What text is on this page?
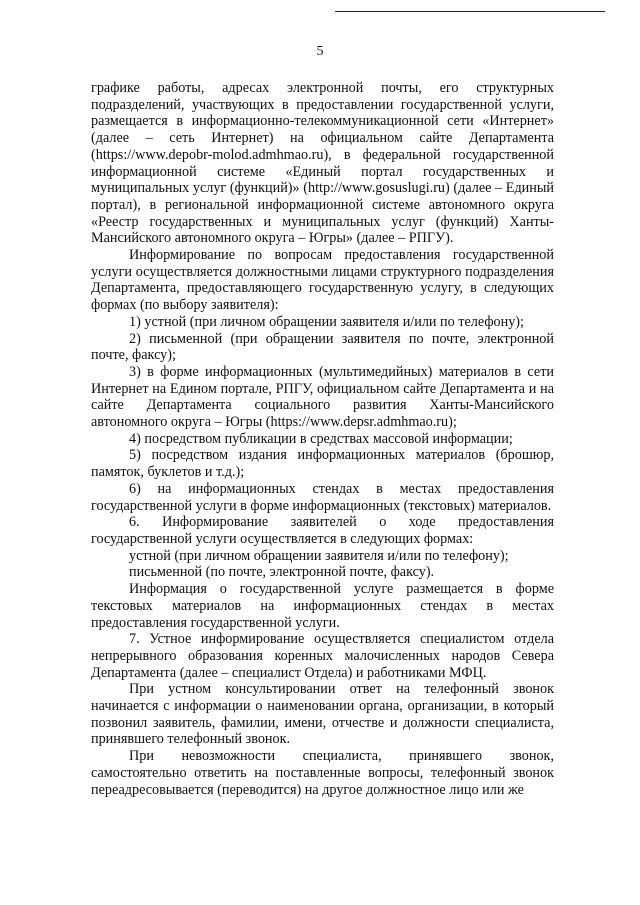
5

графике работы, адресах электронной почты, его структурных подразделений, участвующих в предоставлении государственной услуги, размещается в информационно-телекоммуникационной сети «Интернет» (далее – сеть Интернет) на официальном сайте Департамента (https://www.depobr-molod.admhmao.ru), в федеральной государственной информационной системе «Единый портал государственных и муниципальных услуг (функций)» (http://www.gosuslugi.ru) (далее – Единый портал), в региональной информационной системе автономного округа «Реестр государственных и муниципальных услуг (функций) Ханты-Мансийского автономного округа – Югры» (далее – РПГУ).

Информирование по вопросам предоставления государственной услуги осуществляется должностными лицами структурного подразделения Департамента, предоставляющего государственную услугу, в следующих формах (по выбору заявителя):

1) устной (при личном обращении заявителя и/или по телефону);

2) письменной (при обращении заявителя по почте, электронной почте, факсу);

3) в форме информационных (мультимедийных) материалов в сети Интернет на Едином портале, РПГУ, официальном сайте Департамента и на сайте Департамента социального развития Ханты-Мансийского автономного округа – Югры (https://www.depsr.admhmao.ru);

4) посредством публикации в средствах массовой информации;

5) посредством издания информационных материалов (брошюр, памяток, буклетов и т.д.);

6) на информационных стендах в местах предоставления государственной услуги в форме информационных (текстовых) материалов.

6. Информирование заявителей о ходе предоставления государственной услуги осуществляется в следующих формах:

устной (при личном обращении заявителя и/или по телефону);

письменной (по почте, электронной почте, факсу).

Информация о государственной услуге размещается в форме текстовых материалов на информационных стендах в местах предоставления государственной услуги.

7. Устное информирование осуществляется специалистом отдела непрерывного образования коренных малочисленных народов Севера Департамента (далее – специалист Отдела) и работниками МФЦ.

При устном консультировании ответ на телефонный звонок начинается с информации о наименовании органа, организации, в который позвонил заявитель, фамилии, имени, отчестве и должности специалиста, принявшего телефонный звонок.

При невозможности специалиста, принявшего звонок, самостоятельно ответить на поставленные вопросы, телефонный звонок переадресовывается (переводится) на другое должностное лицо или же
